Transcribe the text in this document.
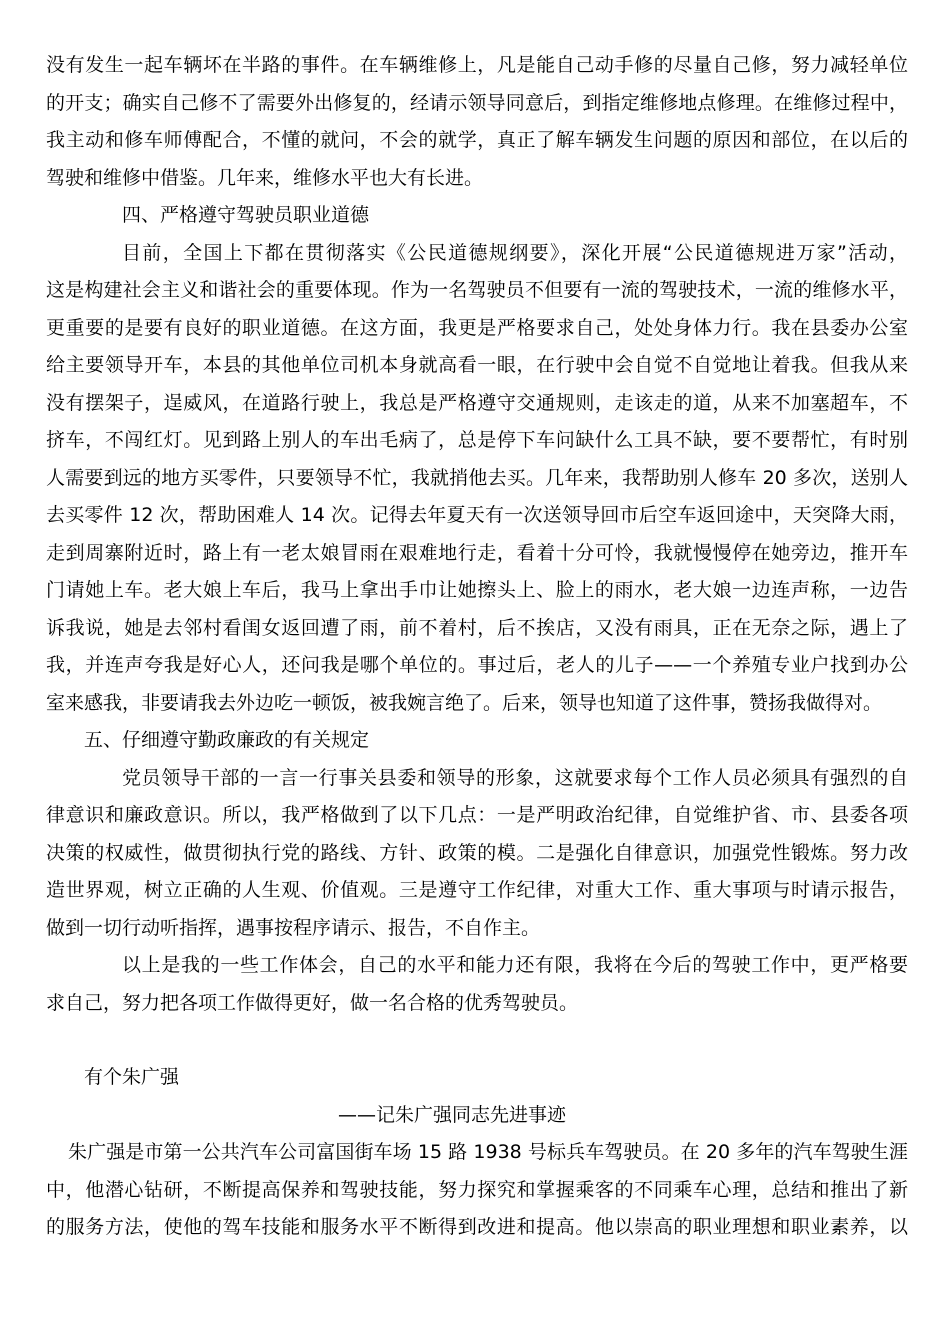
没有发生一起车辆坏在半路的事件。在车辆维修上，凡是能自己动手修的尽量自己修，努力减轻单位
的开支；确实自己修不了需要外出修复的，经请示领导同意后，到指定维修地点修理。在维修过程中，
我主动和修车师傅配合，不懂的就问，不会的就学，真正了解车辆发生问题的原因和部位，在以后的
驾驶和维修中借鉴。几年来，维修水平也大有长进。
四、严格遵守驾驶员职业道德
目前，全国上下都在贯彻落实《公民道德规纲要》，深化开展“公民道德规进万家”活动，
这是构建社会主义和谐社会的重要体现。作为一名驾驶员不但要有一流的驾驶技术，一流的维修水平，
更重要的是要有良好的职业道德。在这方面，我更是严格要求自己，处处身体力行。我在县委办公室
给主要领导开车，本县的其他单位司机本身就高看一眼，在行驶中会自觉不自觉地让着我。但我从来
没有摆架子，逞威风，在道路行驶上，我总是严格遵守交通规则，走该走的道，从来不加塞超车，不
挤车，不闯红灯。见到路上别人的车出毛病了，总是停下车问缺什么工具不缺，要不要帮忙，有时别
人需要到远的地方买零件，只要领导不忙，我就捎他去买。几年来，我帮助别人修车 20 多次，送别人
去买零件 12 次，帮助困难人 14 次。记得去年夏天有一次送领导回市后空车返回途中，天突降大雨，
走到周寨附近时，路上有一老太娘冒雨在艰难地行走，看着十分可怜，我就慢慢停在她旁边，推开车
门请她上车。老大娘上车后，我马上拿出手巾让她擦头上、脸上的雨水，老大娘一边连声称，一边告
诉我说，她是去邻村看闺女返回遭了雨，前不着村，后不挨店，又没有雨具，正在无奈之际，遇上了
我，并连声夸我是好心人，还问我是哪个单位的。事过后，老人的儿子——一个养殖专业户找到办公
室来感我，非要请我去外边吃一顿饭，被我婉言绝了。后来，领导也知道了这件事，赞扬我做得对。
五、仔细遵守勤政廉政的有关规定
党员领导干部的一言一行事关县委和领导的形象，这就要求每个工作人员必须具有强烈的自
律意识和廉政意识。所以，我严格做到了以下几点：一是严明政治纪律，自觉维护省、市、县委各项
决策的权威性，做贯彻执行党的路线、方针、政策的模。二是强化自律意识，加强党性锻炼。努力改
造世界观，树立正确的人生观、价值观。三是遵守工作纪律，对重大工作、重大事项与时请示报告，
做到一切行动听指挥，遇事按程序请示、报告，不自作主。
以上是我的一些工作体会，自己的水平和能力还有限，我将在今后的驾驶工作中，更严格要
求自己，努力把各项工作做得更好，做一名合格的优秀驾驶员。
有个朱广强
——记朱广强同志先进事迹
朱广强是市第一公共汽车公司富国街车场 15 路 1938 号标兵车驾驶员。在 20 多年的汽车驾驶生涯
中，他潜心钻研，不断提高保养和驾驶技能，努力探究和掌握乘客的不同乘车心理，总结和推出了新
的服务方法，使他的驾车技能和服务水平不断得到改进和提高。他以崇高的职业理想和职业素养，以
